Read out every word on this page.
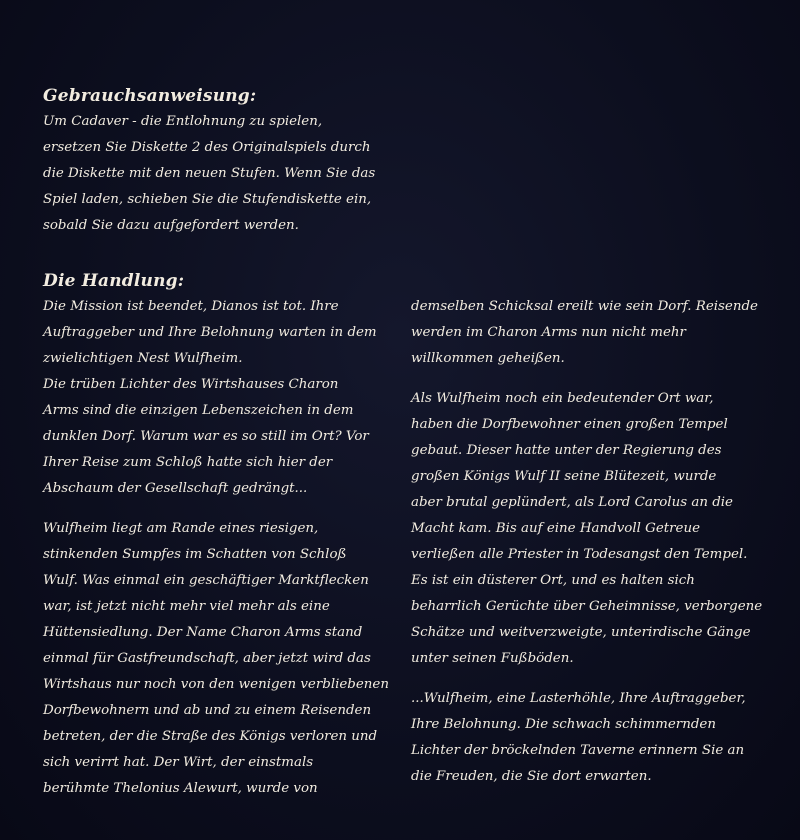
Gebrauchsanweisung:
Um Cadaver - die Entlohnung zu spielen,
ersetzen Sie Diskette 2 des Originalspiels durch
die Diskette mit den neuen Stufen. Wenn Sie das
Spiel laden, schieben Sie die Stufendiskette ein,
sobald Sie dazu aufgefordert werden.
Die Handlung:
Die Mission ist beendet, Dianos ist tot. Ihre
Auftraggeber und Ihre Belohnung warten in dem
zwielichtigen Nest Wulfheim.
Die trüben Lichter des Wirtshauses Charon
Arms sind die einzigen Lebenszeichen in dem
dunklen Dorf. Warum war es so still im Ort? Vor
Ihrer Reise zum Schloß hatte sich hier der
Abschaum der Gesellschaft gedrängt...
Wulfheim liegt am Rande eines riesigen,
stinkenden Sumpfes im Schatten von Schloß
Wulf. Was einmal ein geschäftiger Marktflecken
war, ist jetzt nicht mehr viel mehr als eine
Hüttensiedlung. Der Name Charon Arms stand
einmal für Gastfreundschaft, aber jetzt wird das
Wirtshaus nur noch von den wenigen verbliebenen
Dorfbewohnern und ab und zu einem Reisenden
betreten, der die Straße des Königs verloren und
sich verirrt hat. Der Wirt, der einstmals
berühmte Thelonius Alewurt, wurde von
demselben Schicksal ereilt wie sein Dorf. Reisende
werden im Charon Arms nun nicht mehr
willkommen geheißen.
Als Wulfheim noch ein bedeutender Ort war,
haben die Dorfbewohner einen großen Tempel
gebaut. Dieser hatte unter der Regierung des
großen Königs Wulf II seine Blütezeit, wurde
aber brutal geplündert, als Lord Carolus an die
Macht kam. Bis auf eine Handvoll Getreue
verließen alle Priester in Todesangst den Tempel.
Es ist ein düsterer Ort, und es halten sich
beharrlich Gerüchte über Geheimnisse, verborgene
Schätze und weitverzweigte, unterirdische Gänge
unter seinen Fußböden.
...Wulfheim, eine Lasterhöhle, Ihre Auftraggeber,
Ihre Belohnung. Die schwach schimmernden
Lichter der bröckelnden Taverne erinnern Sie an
die Freuden, die Sie dort erwarten.
